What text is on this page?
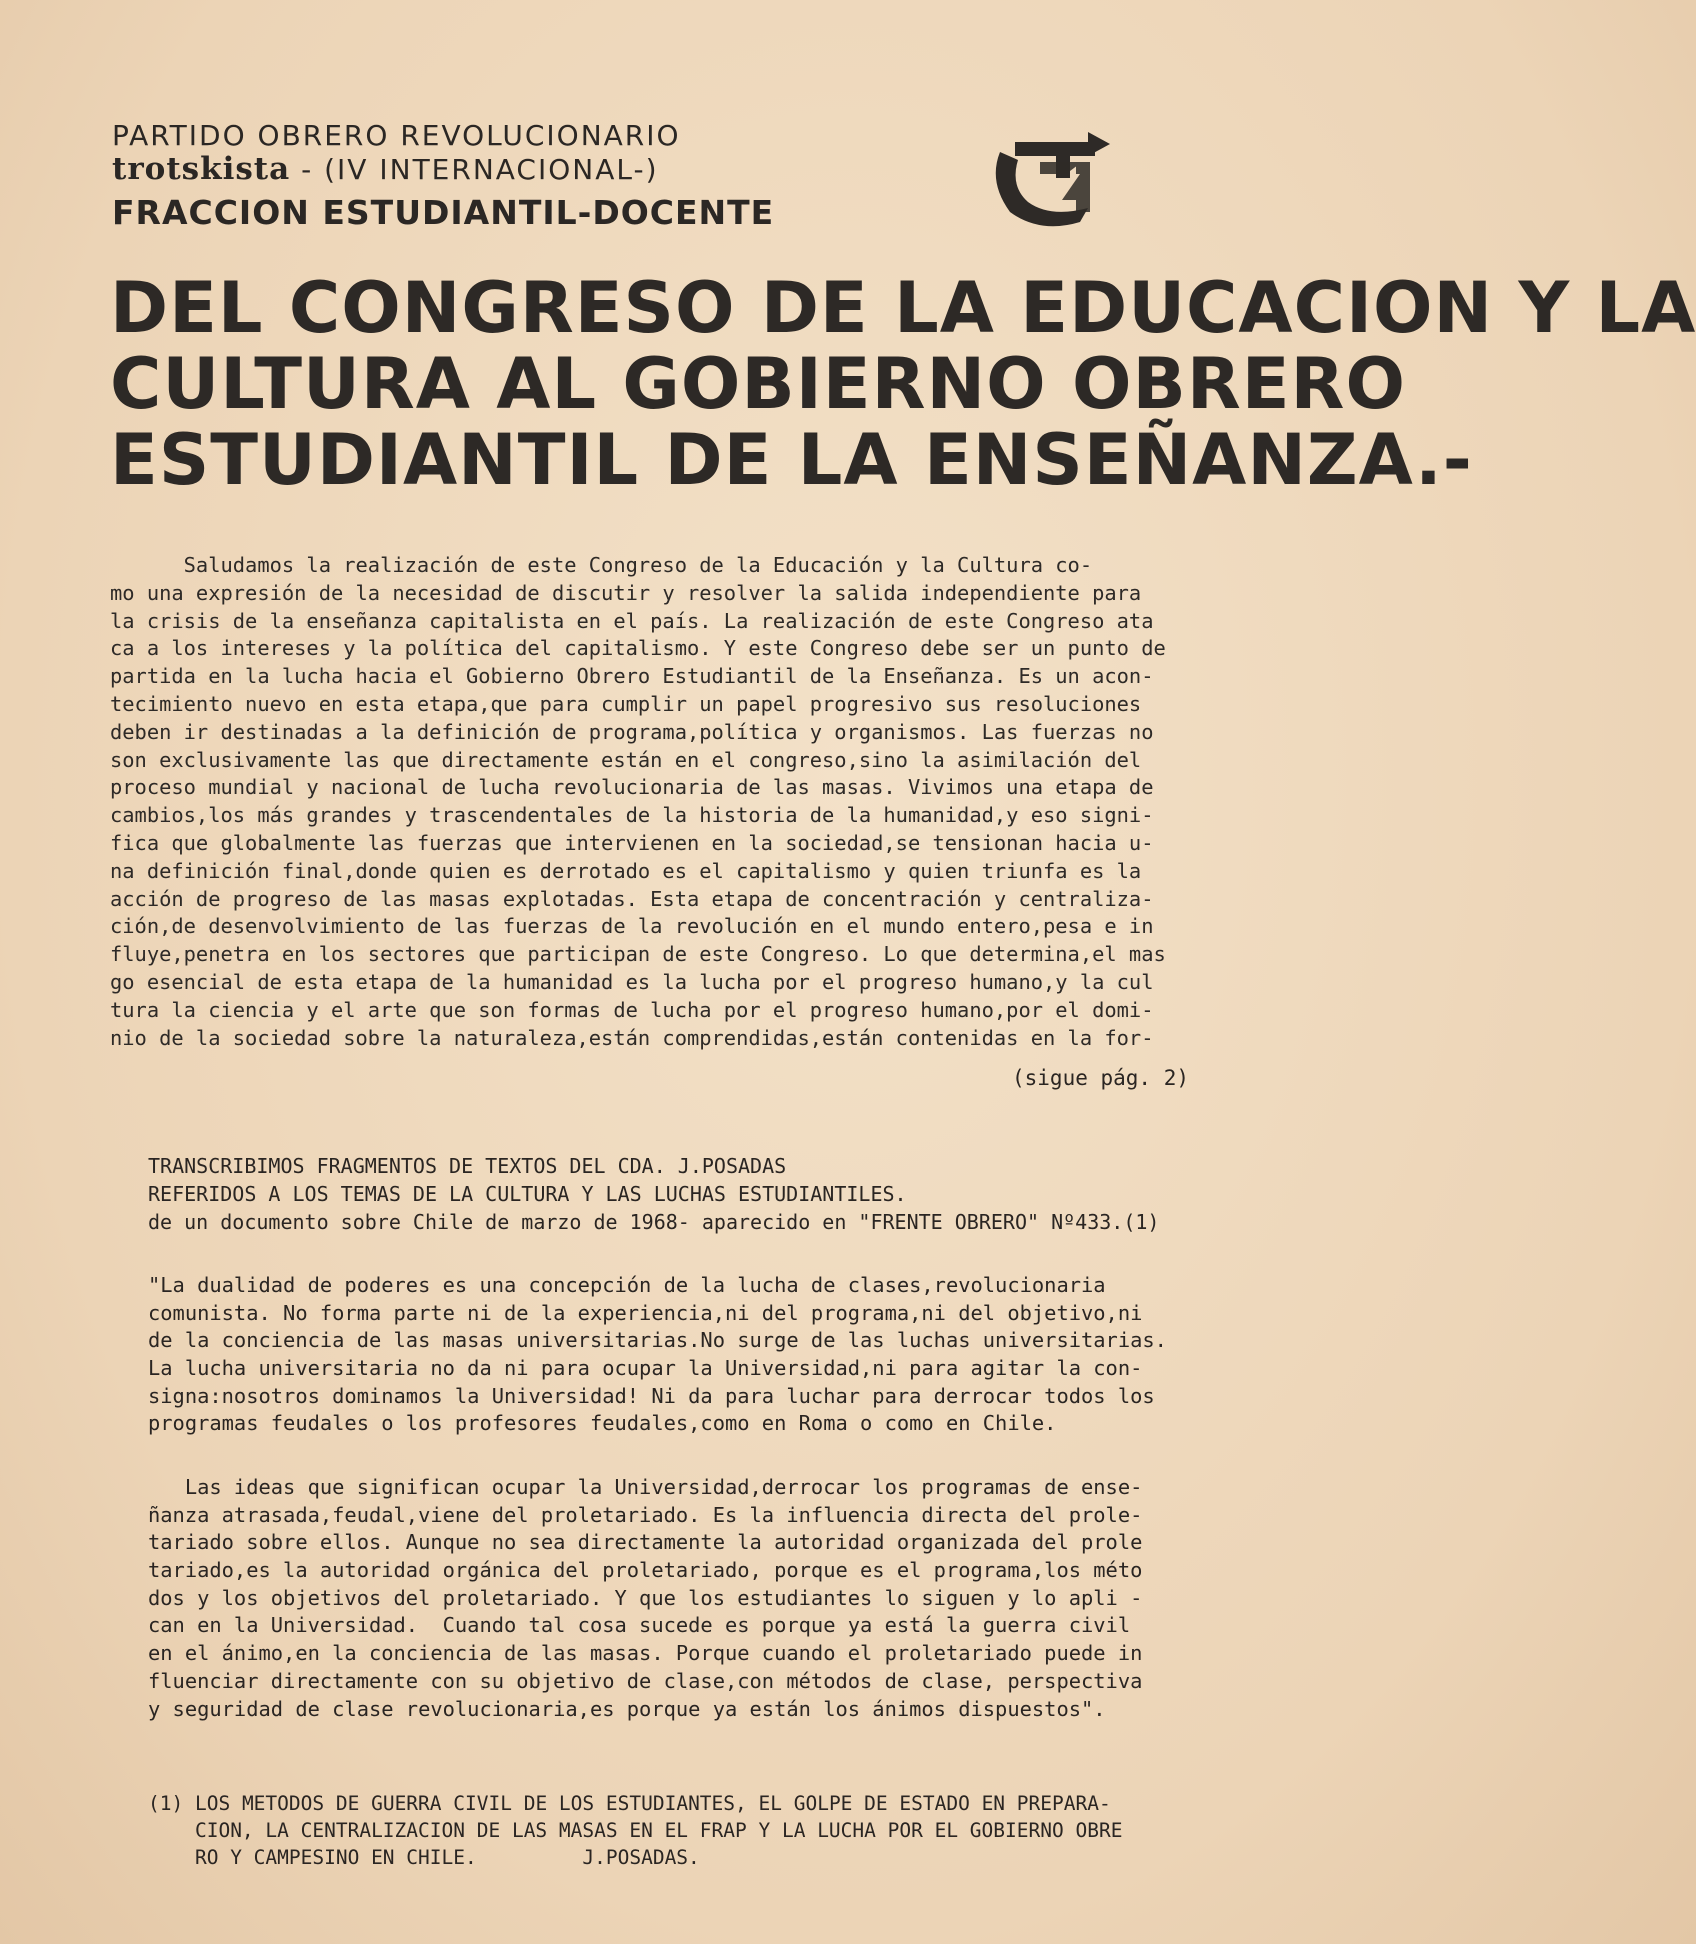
PARTIDO OBRERO REVOLUCIONARIO
trotskista - (IV INTERNACIONAL-)
FRACCION ESTUDIANTIL-DOCENTE
DEL CONGRESO DE LA EDUCACION Y LA
CULTURA AL GOBIERNO OBRERO
ESTUDIANTIL DE LA ENSEÑANZA.-
Saludamos la realización de este Congreso de la Educación y la Cultura co-
mo una expresión de la necesidad de discutir y resolver la salida independiente para
la crisis de la enseñanza capitalista en el país. La realización de este Congreso ata
ca a los intereses y la política del capitalismo. Y este Congreso debe ser un punto de
partida en la lucha hacia el Gobierno Obrero Estudiantil de la Enseñanza. Es un acon-
tecimiento nuevo en esta etapa,que para cumplir un papel progresivo sus resoluciones
deben ir destinadas a la definición de programa,política y organismos. Las fuerzas no
son exclusivamente las que directamente están en el congreso,sino la asimilación del
proceso mundial y nacional de lucha revolucionaria de las masas. Vivimos una etapa de
cambios,los más grandes y trascendentales de la historia de la humanidad,y eso signi-
fica que globalmente las fuerzas que intervienen en la sociedad,se tensionan hacia u-
na definición final,donde quien es derrotado es el capitalismo y quien triunfa es la
acción de progreso de las masas explotadas. Esta etapa de concentración y centraliza-
ción,de desenvolvimiento de las fuerzas de la revolución en el mundo entero,pesa e in
fluye,penetra en los sectores que participan de este Congreso. Lo que determina,el mas
go esencial de esta etapa de la humanidad es la lucha por el progreso humano,y la cul
tura la ciencia y el arte que son formas de lucha por el progreso humano,por el domi-
nio de la sociedad sobre la naturaleza,están comprendidas,están contenidas en la for-
(sigue pág. 2)
TRANSCRIBIMOS FRAGMENTOS DE TEXTOS DEL CDA. J.POSADAS
REFERIDOS A LOS TEMAS DE LA CULTURA Y LAS LUCHAS ESTUDIANTILES.
de un documento sobre Chile de marzo de 1968- aparecido en "FRENTE OBRERO" Nº433.(1)
"La dualidad de poderes es una concepción de la lucha de clases,revolucionaria
comunista. No forma parte ni de la experiencia,ni del programa,ni del objetivo,ni
de la conciencia de las masas universitarias.No surge de las luchas universitarias.
La lucha universitaria no da ni para ocupar la Universidad,ni para agitar la con-
signa:nosotros dominamos la Universidad! Ni da para luchar para derrocar todos los
programas feudales o los profesores feudales,como en Roma o como en Chile.
Las ideas que significan ocupar la Universidad,derrocar los programas de ense-
ñanza atrasada,feudal,viene del proletariado. Es la influencia directa del prole-
tariado sobre ellos. Aunque no sea directamente la autoridad organizada del prole
tariado,es la autoridad orgánica del proletariado, porque es el programa,los méto
dos y los objetivos del proletariado. Y que los estudiantes lo siguen y lo apli -
can en la Universidad.  Cuando tal cosa sucede es porque ya está la guerra civil
en el ánimo,en la conciencia de las masas. Porque cuando el proletariado puede in
fluenciar directamente con su objetivo de clase,con métodos de clase, perspectiva
y seguridad de clase revolucionaria,es porque ya están los ánimos dispuestos".
(1) LOS METODOS DE GUERRA CIVIL DE LOS ESTUDIANTES, EL GOLPE DE ESTADO EN PREPARA-
CION, LA CENTRALIZACION DE LAS MASAS EN EL FRAP Y LA LUCHA POR EL GOBIERNO OBRE
RO Y CAMPESINO EN CHILE.         J.POSADAS.
